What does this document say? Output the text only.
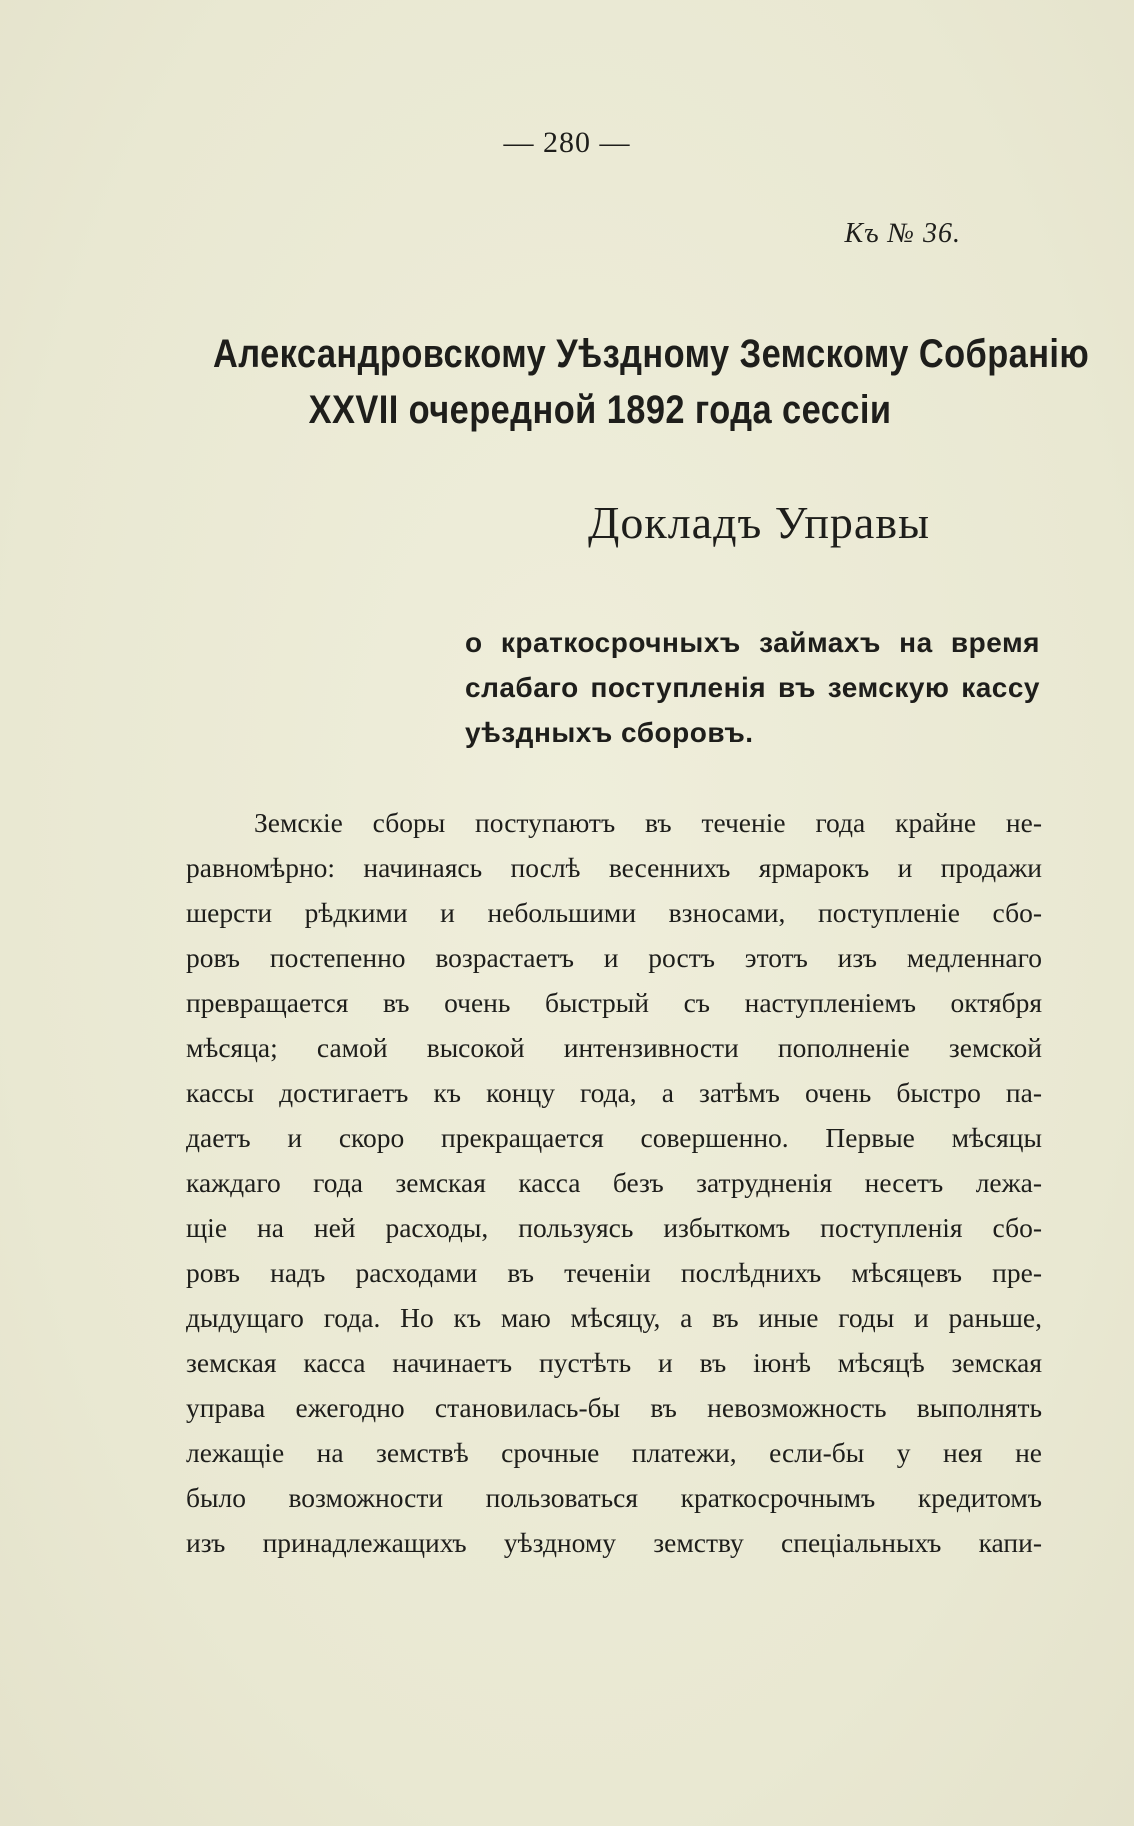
— 280 —
Къ № 36.
Александровскому Уѣздному Земскому Собранію
XXVII очередной 1892 года сессіи
Докладъ Управы
о краткосрочныхъ займахъ на время
слабаго поступленія въ земскую кассу
уѣздныхъ сборовъ.
Земскіе сборы поступаютъ въ теченіе года крайне не-
равномѣрно: начинаясь послѣ весеннихъ ярмарокъ и продажи
шерсти рѣдкими и небольшими взносами, поступленіе сбо-
ровъ постепенно возрастаетъ и ростъ этотъ изъ медленнаго
превращается въ очень быстрый съ наступленіемъ октября
мѣсяца; самой высокой интензивности пополненіе земской
кассы достигаетъ къ концу года, а затѣмъ очень быстро па-
даетъ и скоро прекращается совершенно. Первые мѣсяцы
каждаго года земская касса безъ затрудненія несетъ лежа-
щіе на ней расходы, пользуясь избыткомъ поступленія сбо-
ровъ надъ расходами въ теченіи послѣднихъ мѣсяцевъ пре-
дыдущаго года. Но къ маю мѣсяцу, а въ иные годы и раньше,
земская касса начинаетъ пустѣть и въ іюнѣ мѣсяцѣ земская
управа ежегодно становилась-бы въ невозможность выполнять
лежащіе на земствѣ срочные платежи, если-бы у нея не
было возможности пользоваться краткосрочнымъ кредитомъ
изъ принадлежащихъ уѣздному земству спеціальныхъ капи-
